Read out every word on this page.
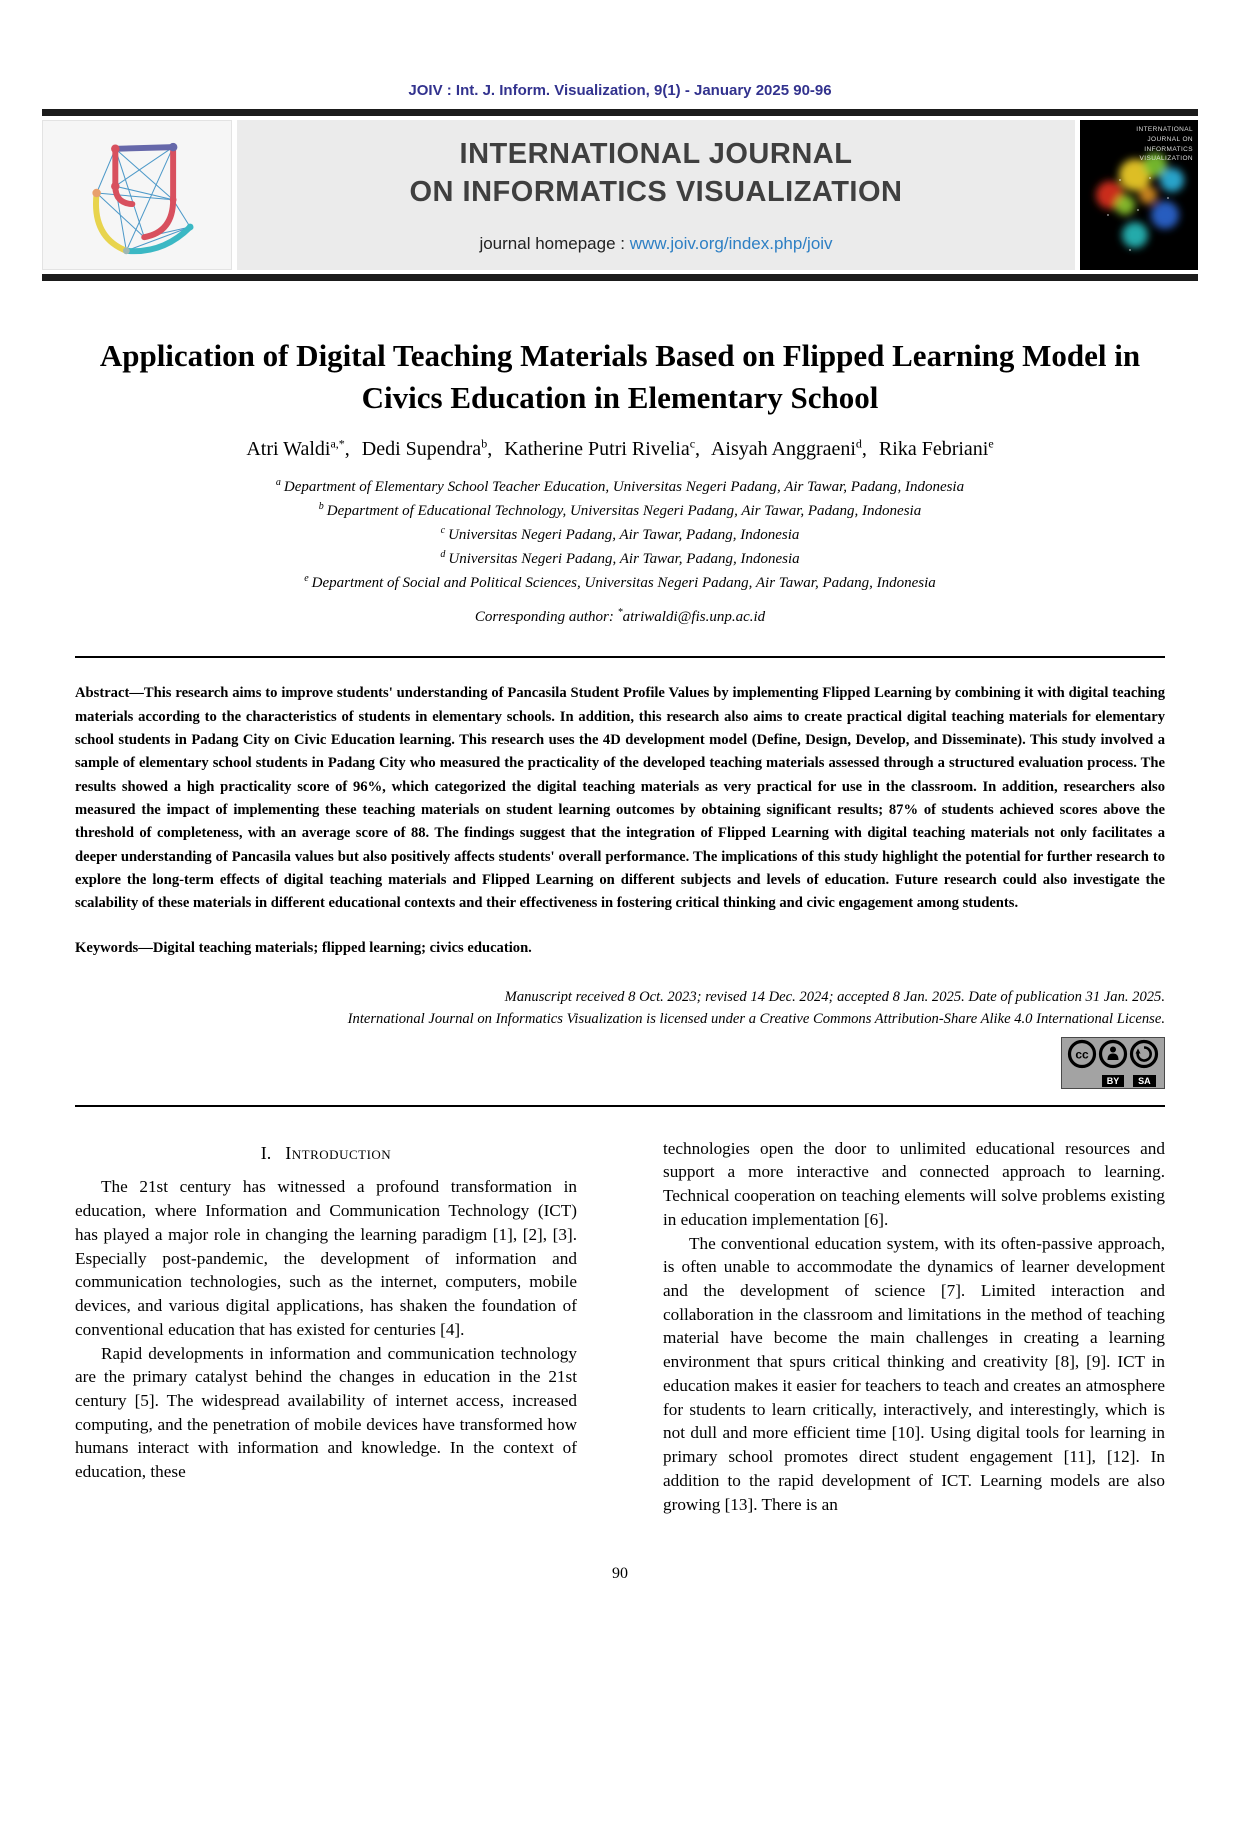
JOIV : Int. J. Inform. Visualization, 9(1) - January 2025 90-96
INTERNATIONAL JOURNAL
ON INFORMATICS VISUALIZATION
journal homepage : www.joiv.org/index.php/joiv
INTERNATIONAL JOURNAL ON INFORMATICS VISUALIZATION
Application of Digital Teaching Materials Based on Flipped Learning Model in Civics Education in Elementary School
Atri Waldi$^{a,*}$, Dedi Supendra$^b$, Katherine Putri Rivelia$^c$, Aisyah Anggraeni$^d$, Rika Febriani$^e$
$^a$ Department of Elementary School Teacher Education, Universitas Negeri Padang, Air Tawar, Padang, Indonesia
$^b$ Department of Educational Technology, Universitas Negeri Padang, Air Tawar, Padang, Indonesia
$^c$ Universitas Negeri Padang, Air Tawar, Padang, Indonesia
$^d$ Universitas Negeri Padang, Air Tawar, Padang, Indonesia
$^e$ Department of Social and Political Sciences, Universitas Negeri Padang, Air Tawar, Padang, Indonesia
Corresponding author: *atriwaldi@fis.unp.ac.id

Abstract—This research aims to improve students' understanding of Pancasila Student Profile Values by implementing Flipped Learning by combining it with digital teaching materials according to the characteristics of students in elementary schools. In addition, this research also aims to create practical digital teaching materials for elementary school students in Padang City on Civic Education learning. This research uses the 4D development model (Define, Design, Develop, and Disseminate). This study involved a sample of elementary school students in Padang City who measured the practicality of the developed teaching materials assessed through a structured evaluation process. The results showed a high practicality score of 96%, which categorized the digital teaching materials as very practical for use in the classroom. In addition, researchers also measured the impact of implementing these teaching materials on student learning outcomes by obtaining significant results; 87% of students achieved scores above the threshold of completeness, with an average score of 88. The findings suggest that the integration of Flipped Learning with digital teaching materials not only facilitates a deeper understanding of Pancasila values but also positively affects students' overall performance. The implications of this study highlight the potential for further research to explore the long-term effects of digital teaching materials and Flipped Learning on different subjects and levels of education. Future research could also investigate the scalability of these materials in different educational contexts and their effectiveness in fostering critical thinking and civic engagement among students.

Keywords—Digital teaching materials; flipped learning; civics education.

Manuscript received 8 Oct. 2023; revised 14 Dec. 2024; accepted 8 Jan. 2025. Date of publication 31 Jan. 2025.
International Journal on Informatics Visualization is licensed under a Creative Commons Attribution-Share Alike 4.0 International License.
cc
BY	SA
I. Introduction

The 21st century has witnessed a profound transformation in education, where Information and Communication Technology (ICT) has played a major role in changing the learning paradigm [1], [2], [3]. Especially post-pandemic, the development of information and communication technologies, such as the internet, computers, mobile devices, and various digital applications, has shaken the foundation of conventional education that has existed for centuries [4].

Rapid developments in information and communication technology are the primary catalyst behind the changes in education in the 21st century [5]. The widespread availability of internet access, increased computing, and the penetration of mobile devices have transformed how humans interact with information and knowledge. In the context of education, these

technologies open the door to unlimited educational resources and support a more interactive and connected approach to learning. Technical cooperation on teaching elements will solve problems existing in education implementation [6].

The conventional education system, with its often-passive approach, is often unable to accommodate the dynamics of learner development and the development of science [7]. Limited interaction and collaboration in the classroom and limitations in the method of teaching material have become the main challenges in creating a learning environment that spurs critical thinking and creativity [8], [9]. ICT in education makes it easier for teachers to teach and creates an atmosphere for students to learn critically, interactively, and interestingly, which is not dull and more efficient time [10]. Using digital tools for learning in primary school promotes direct student engagement [11], [12]. In addition to the rapid development of ICT. Learning models are also growing [13]. There is an

90
